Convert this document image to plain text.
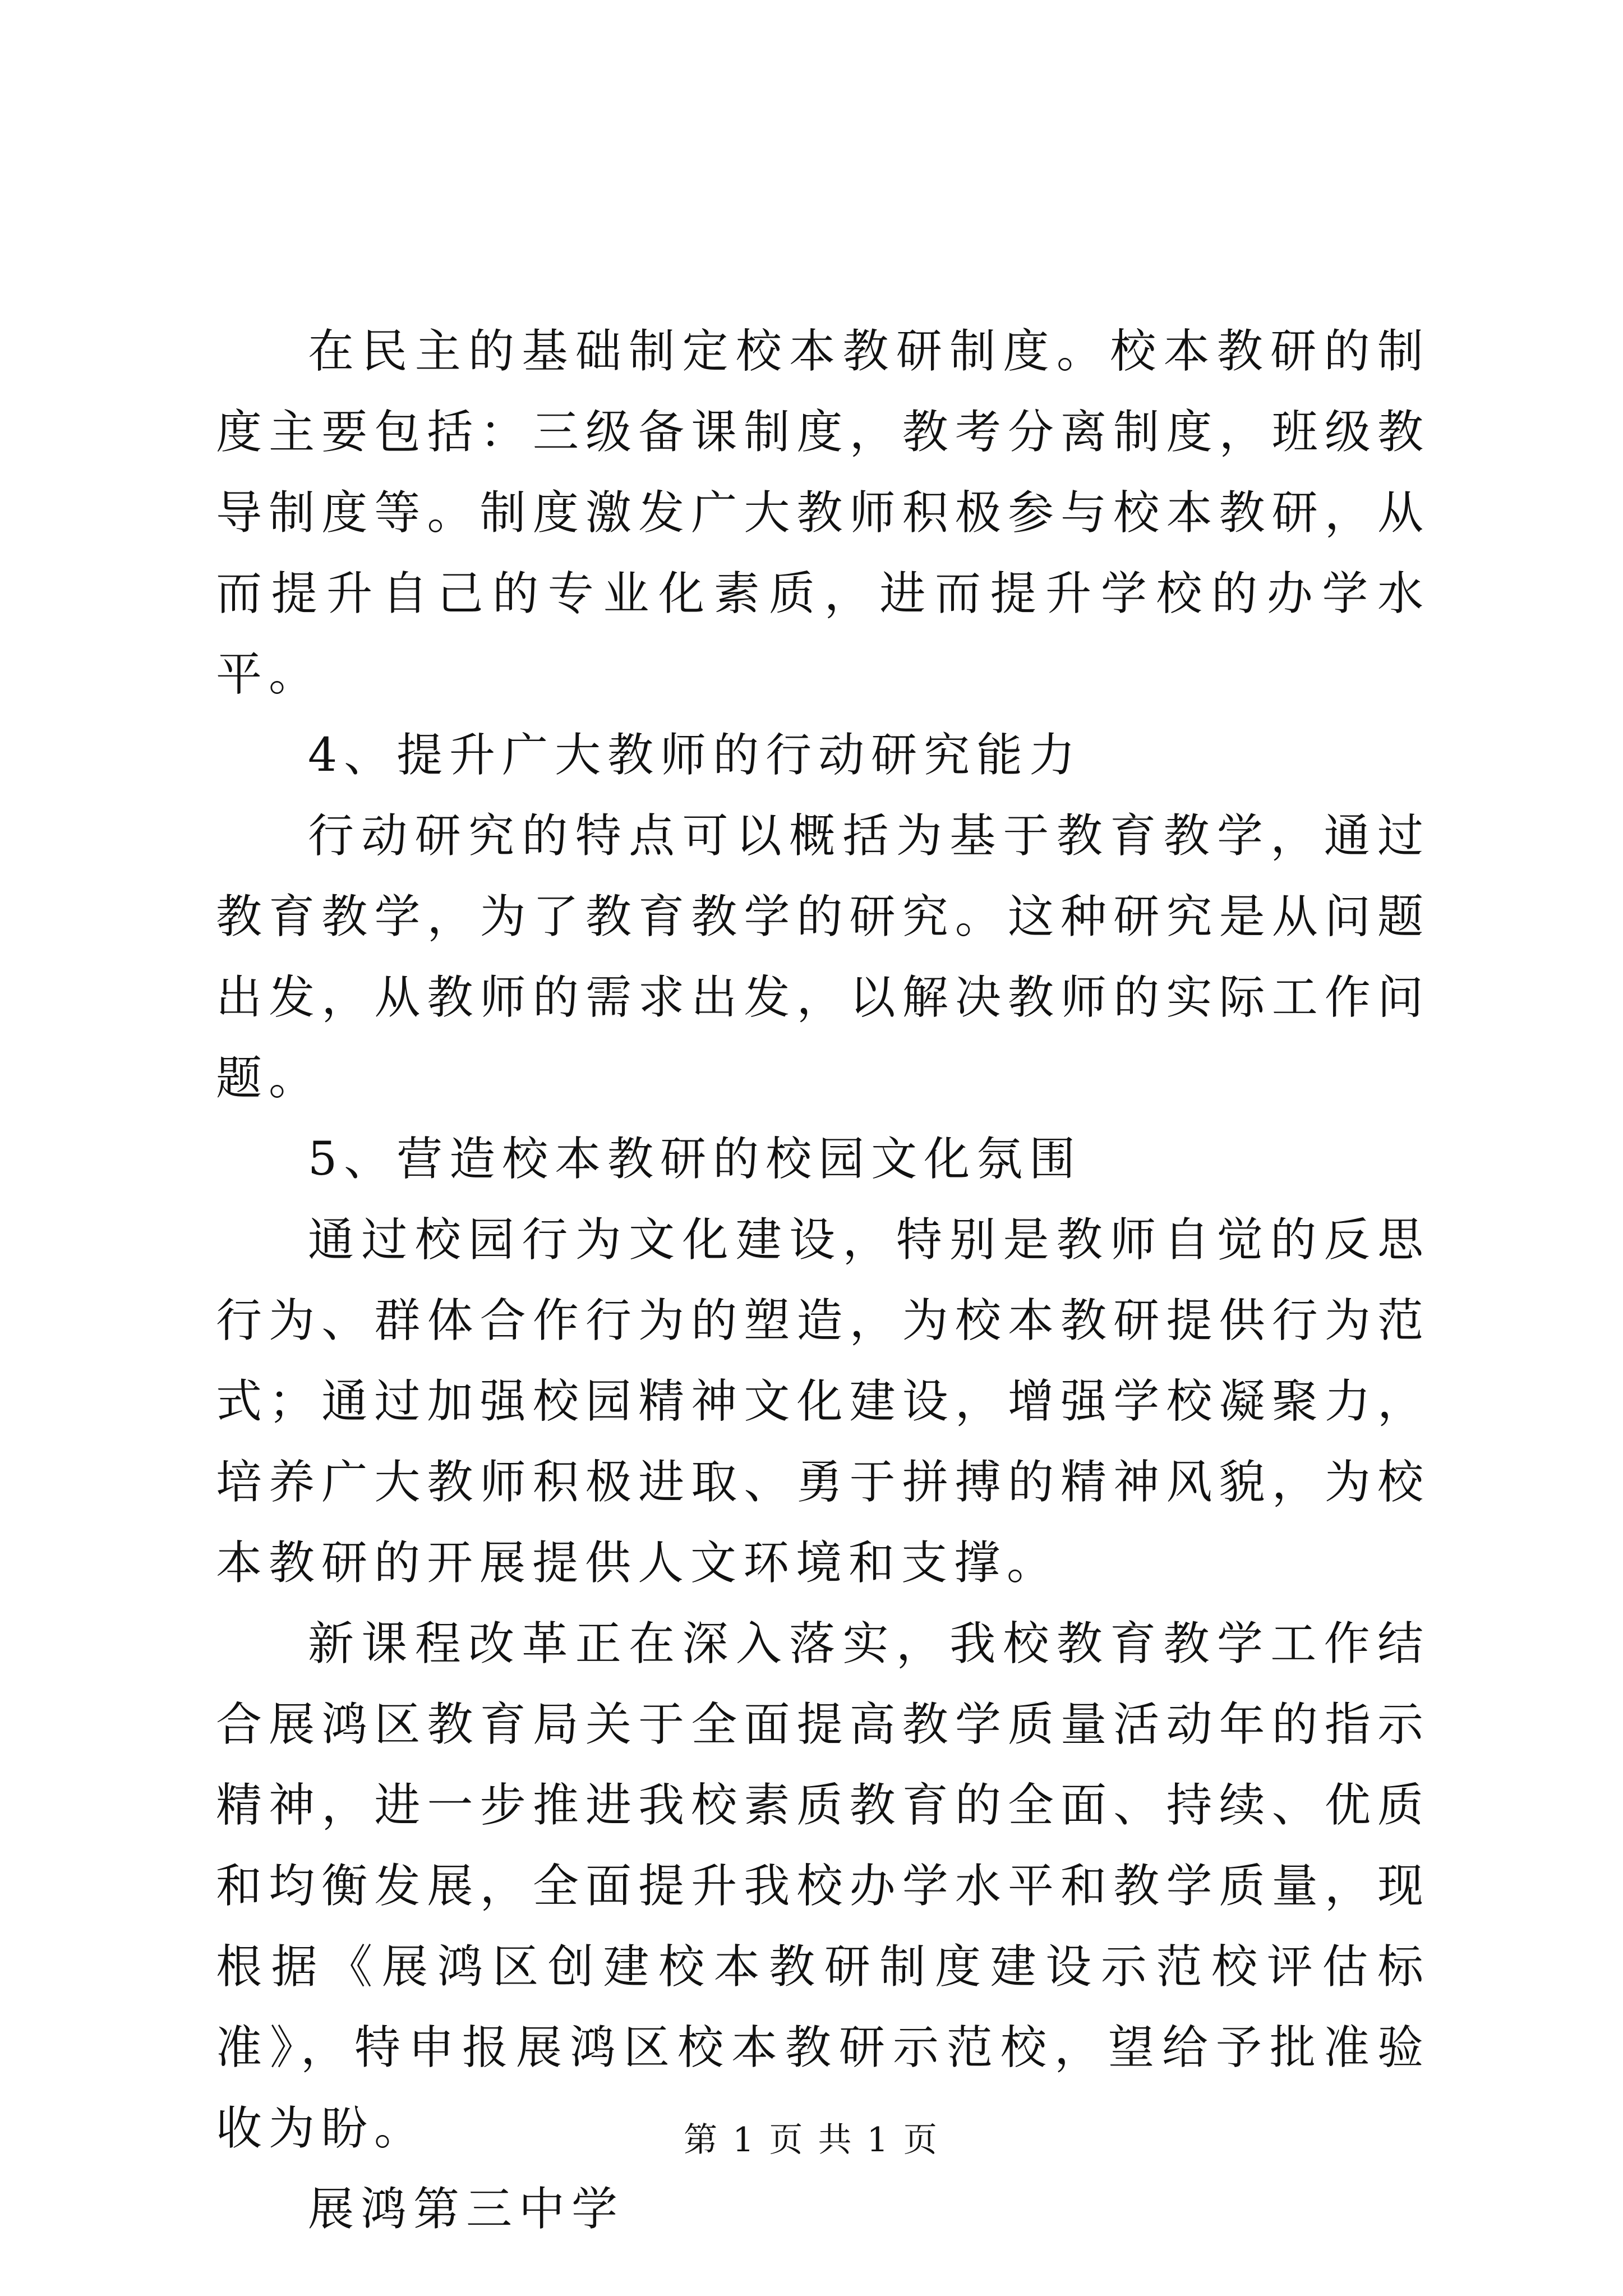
在民主的基础制定校本教研制度。校本教研的制度主要包括：三级备课制度，教考分离制度，班级教导制度等。制度激发广大教师积极参与校本教研，从而提升自己的专业化素质，进而提升学校的办学水平。

4、提升广大教师的行动研究能力

行动研究的特点可以概括为基于教育教学，通过教育教学，为了教育教学的研究。这种研究是从问题出发，从教师的需求出发，以解决教师的实际工作问题。

5、营造校本教研的校园文化氛围

通过校园行为文化建设，特别是教师自觉的反思行为、群体合作行为的塑造，为校本教研提供行为范式；通过加强校园精神文化建设，增强学校凝聚力，培养广大教师积极进取、勇于拼搏的精神风貌，为校本教研的开展提供人文环境和支撑。

新课程改革正在深入落实，我校教育教学工作结合展鸿区教育局关于全面提高教学质量活动年的指示精神，进一步推进我校素质教育的全面、持续、优质和均衡发展，全面提升我校办学水平和教学质量，现根据《展鸿区创建校本教研制度建设示范校评估标准》，特申报展鸿区校本教研示范校，望给予批准验收为盼。

展鸿第三中学

第 1 页 共 1 页
